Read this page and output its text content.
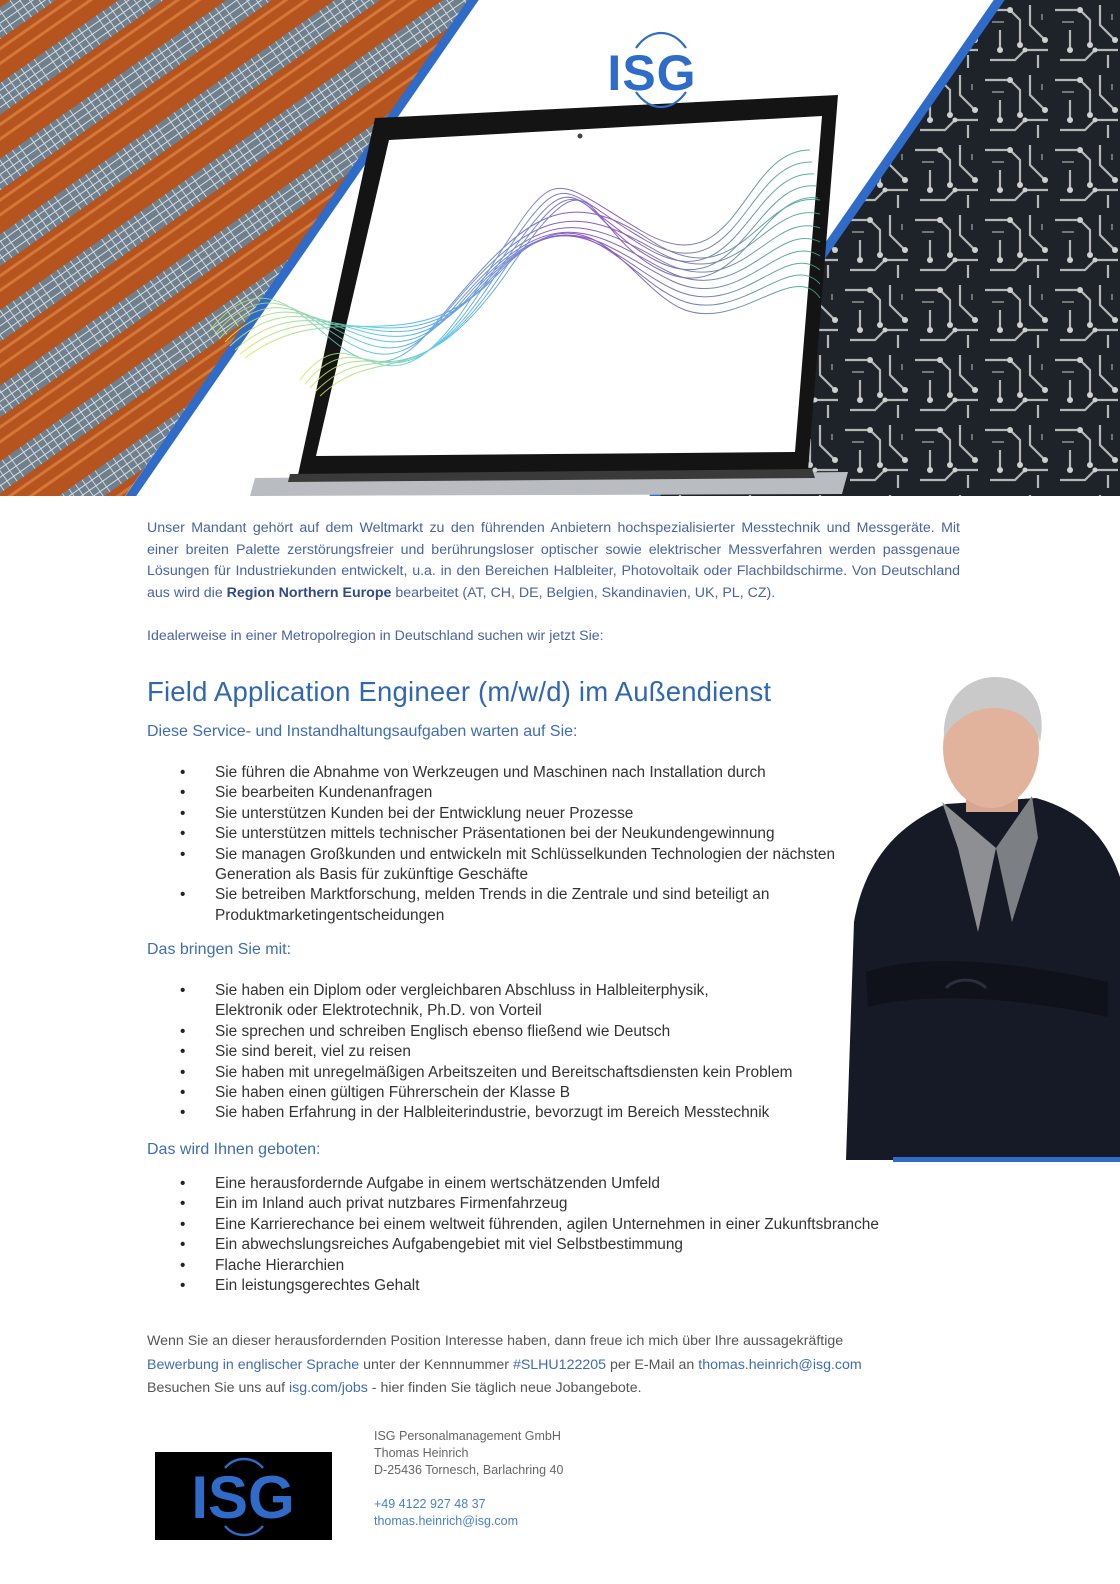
ISG

Unser Mandant gehört auf dem Weltmarkt zu den führenden Anbietern hochspezialisierter Messtechnik und Messgeräte. Mit einer breiten Palette zerstörungsfreier und berührungsloser optischer sowie elektrischer Messverfahren werden passgenaue Lösungen für Industriekunden entwickelt, u.a. in den Bereichen Halbleiter, Photovoltaik oder Flachbildschirme. Von Deutschland aus wird die Region Northern Europe bearbeitet (AT, CH, DE, Belgien, Skandinavien, UK, PL, CZ).

Idealerweise in einer Metropolregion in Deutschland suchen wir jetzt Sie:

Field Application Engineer (m/w/d) im Außendienst
Diese Service- und Instandhaltungsaufgaben warten auf Sie:
• Sie führen die Abnahme von Werkzeugen und Maschinen nach Installation durch
• Sie bearbeiten Kundenanfragen
• Sie unterstützen Kunden bei der Entwicklung neuer Prozesse
• Sie unterstützen mittels technischer Präsentationen bei der Neukundengewinnung
• Sie managen Großkunden und entwickeln mit Schlüsselkunden Technologien der nächsten Generation als Basis für zukünftige Geschäfte
• Sie betreiben Marktforschung, melden Trends in die Zentrale und sind beteiligt an Produktmarketingentscheidungen
Das bringen Sie mit:
• Sie haben ein Diplom oder vergleichbaren Abschluss in Halbleiterphysik, Elektronik oder Elektrotechnik, Ph.D. von Vorteil
• Sie sprechen und schreiben Englisch ebenso fließend wie Deutsch
• Sie sind bereit, viel zu reisen
• Sie haben mit unregelmäßigen Arbeitszeiten und Bereitschaftsdiensten kein Problem
• Sie haben einen gültigen Führerschein der Klasse B
• Sie haben Erfahrung in der Halbleiterindustrie, bevorzugt im Bereich Messtechnik
Das wird Ihnen geboten:
• Eine herausfordernde Aufgabe in einem wertschätzenden Umfeld
• Ein im Inland auch privat nutzbares Firmenfahrzeug
• Eine Karrierechance bei einem weltweit führenden, agilen Unternehmen in einer Zukunftsbranche
• Ein abwechslungsreiches Aufgabengebiet mit viel Selbstbestimmung
• Flache Hierarchien
• Ein leistungsgerechtes Gehalt

Wenn Sie an dieser herausfordernden Position Interesse haben, dann freue ich mich über Ihre aussagekräftige
Bewerbung in englischer Sprache unter der Kennnummer #SLHU122205 per E-Mail an thomas.heinrich@isg.com
Besuchen Sie uns auf isg.com/jobs - hier finden Sie täglich neue Jobangebote.

ISG
ISG Personalmanagement GmbH
Thomas Heinrich
D-25436 Tornesch, Barlachring 40
+49 4122 927 48 37
thomas.heinrich@isg.com
